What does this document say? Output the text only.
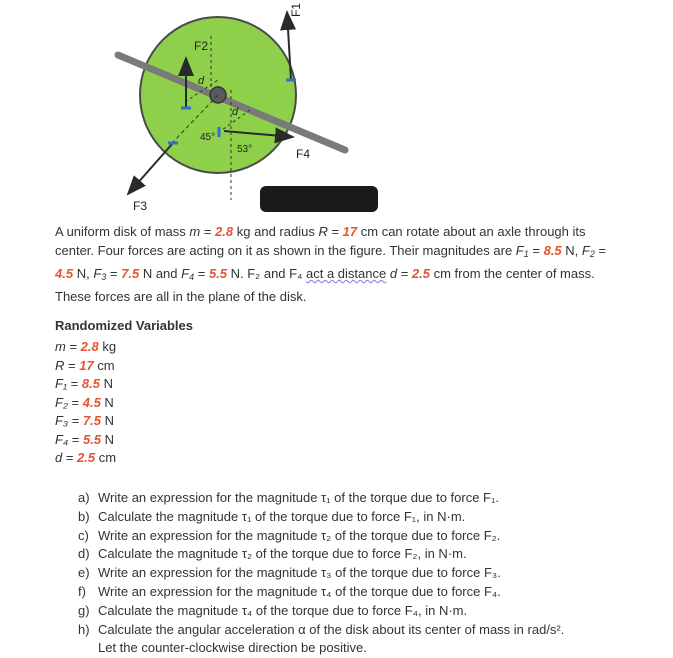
F2
d
d
45°
53°
F1
F4
F3
A uniform disk of mass m = 2.8 kg and radius R = 17 cm can rotate about an axle through its center. Four forces are acting on it as shown in the figure. Their magnitudes are $F_1 = 8.5$ N, $F_2 = 4.5$ N, $F_3 = 7.5$ N and $F_4 = 5.5$ N. F₂ and F₄ act a distance d = 2.5 cm from the center of mass. These forces are all in the plane of the disk.
Randomized Variables
m = 2.8 kg
R = 17 cm
F₁ = 8.5 N
F₂ = 4.5 N
F₃ = 7.5 N
F₄ = 5.5 N
d = 2.5 cm
a) Write an expression for the magnitude τ₁ of the torque due to force F₁.
b) Calculate the magnitude τ₁ of the torque due to force F₁, in N·m.
c) Write an expression for the magnitude τ₂ of the torque due to force F₂.
d) Calculate the magnitude τ₂ of the torque due to force F₂, in N·m.
e) Write an expression for the magnitude τ₃ of the torque due to force F₃.
f) Write an expression for the magnitude τ₄ of the torque due to force F₄.
g) Calculate the magnitude τ₄ of the torque due to force F₄, in N·m.
h) Calculate the angular acceleration α of the disk about its center of mass in rad/s².
Let the counter-clockwise direction be positive.
